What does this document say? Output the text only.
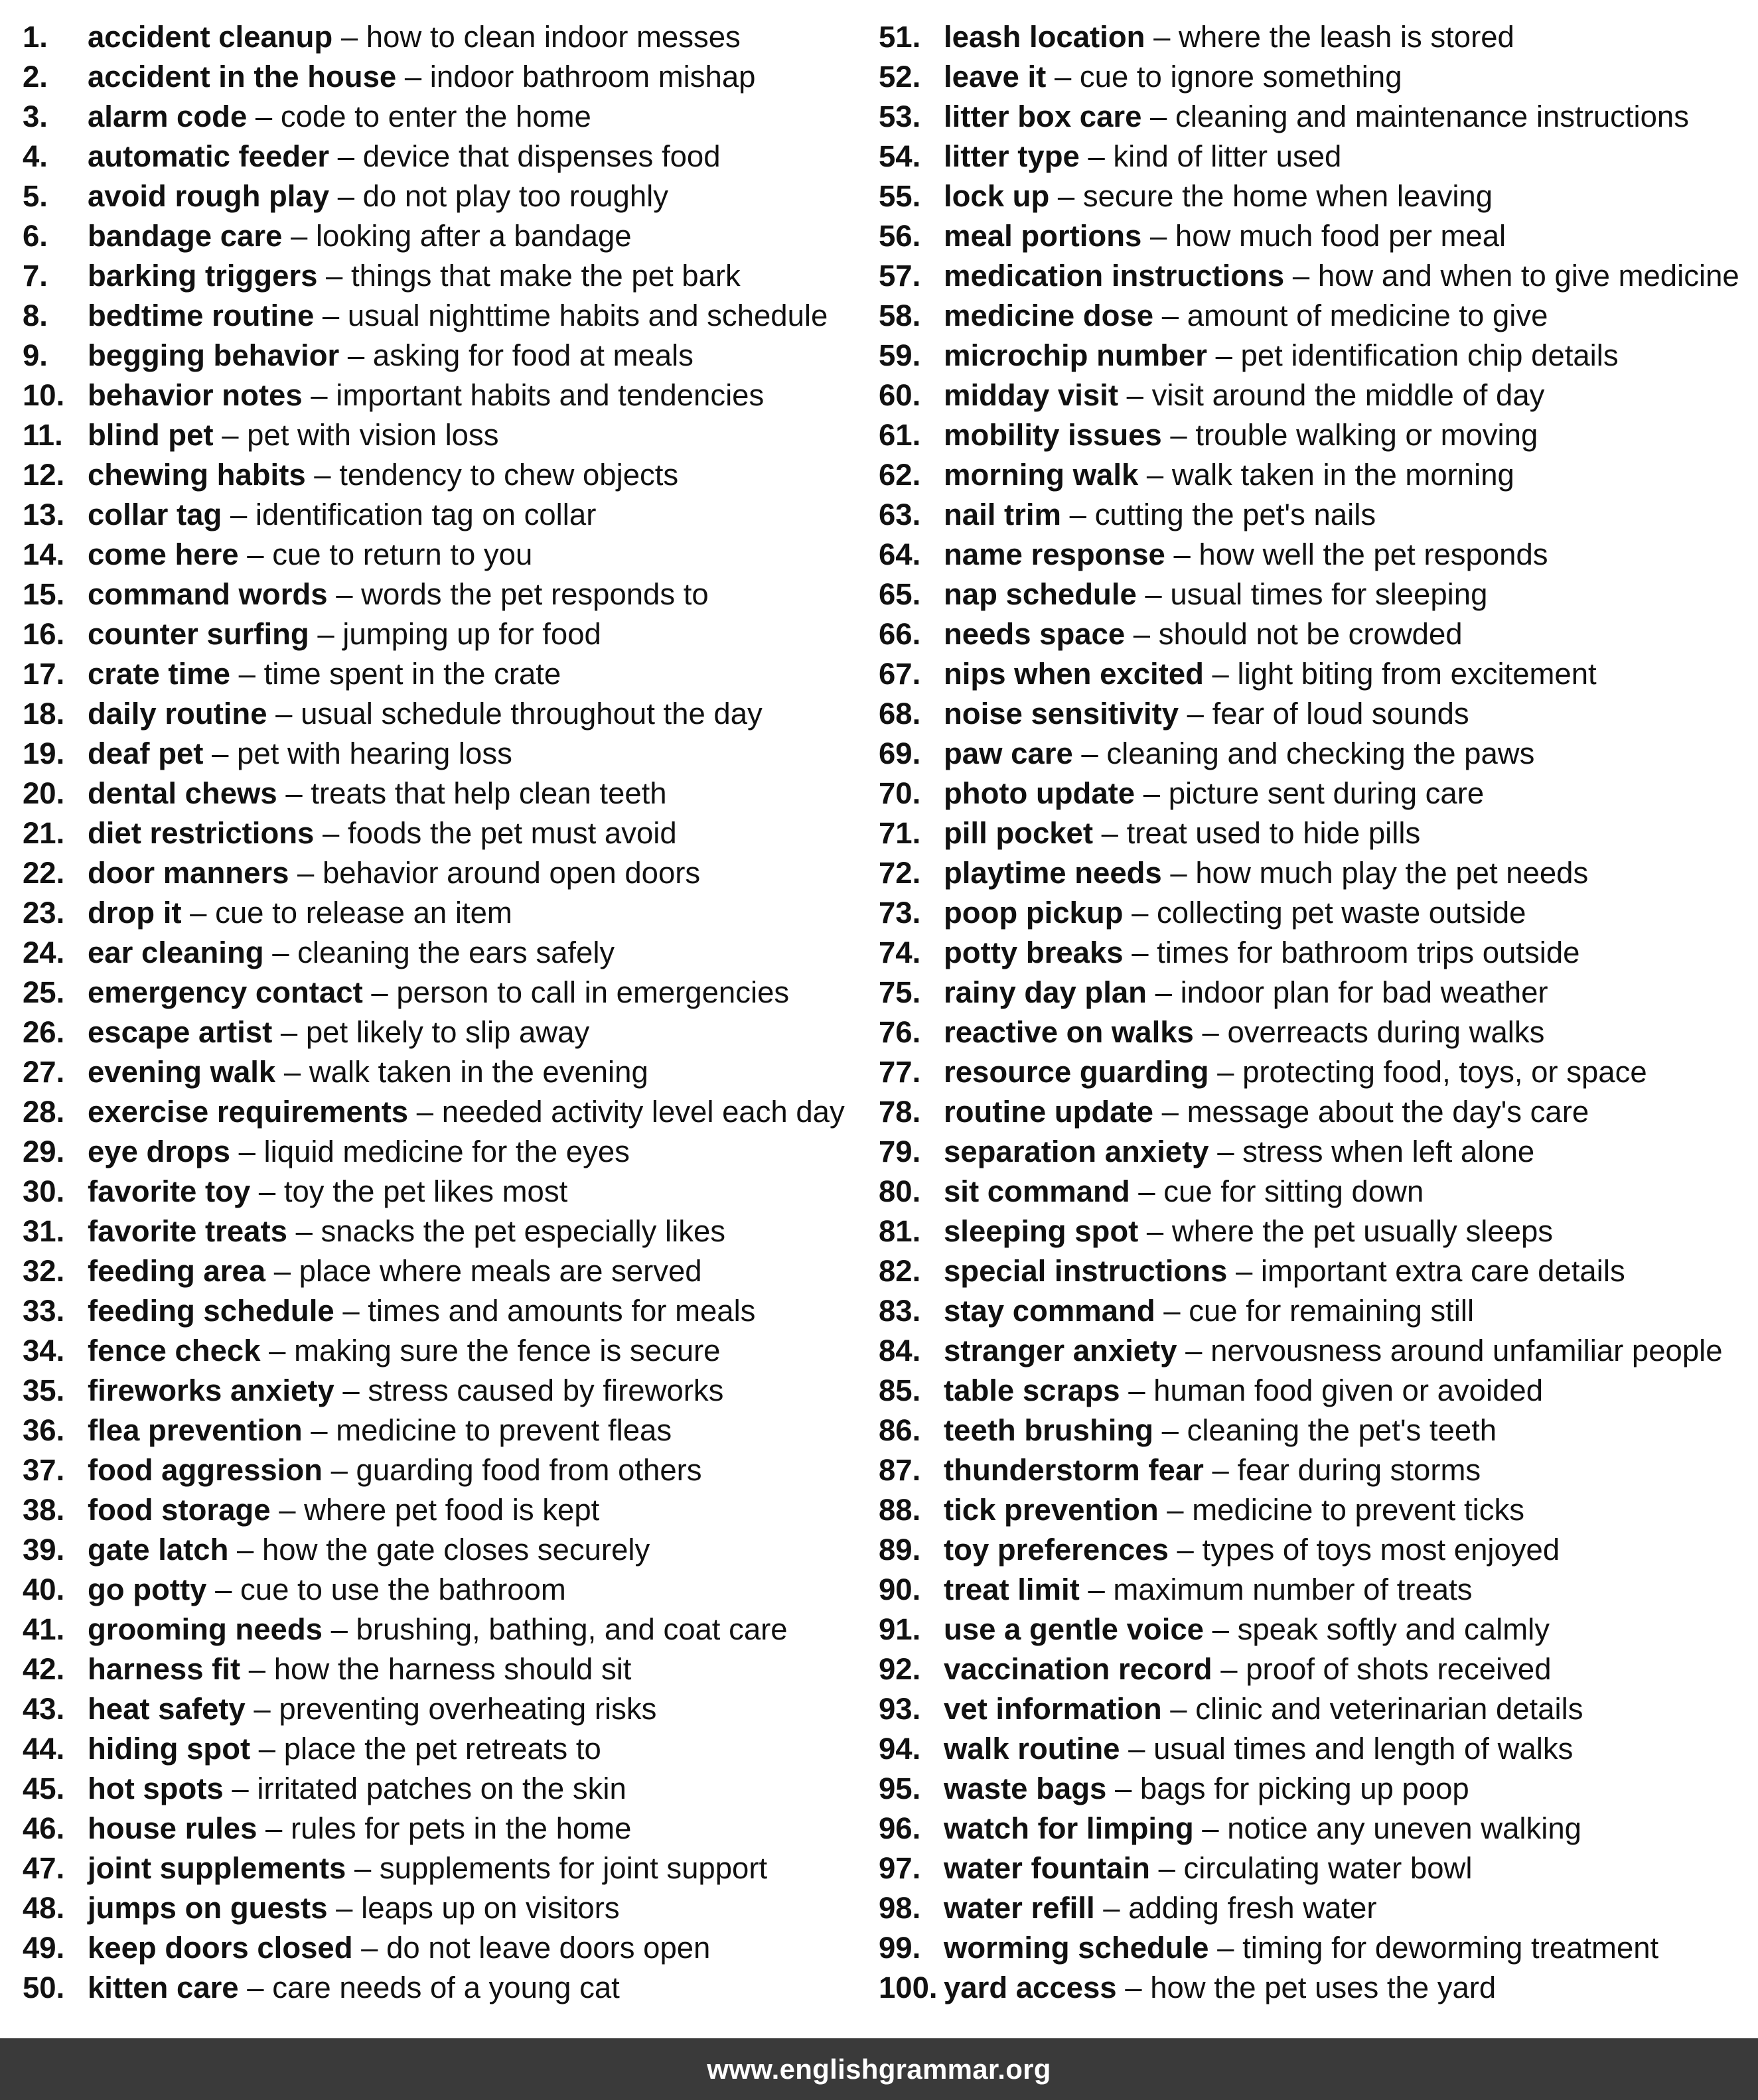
1. accident cleanup – how to clean indoor messes
2. accident in the house – indoor bathroom mishap
3. alarm code – code to enter the home
4. automatic feeder – device that dispenses food
5. avoid rough play – do not play too roughly
6. bandage care – looking after a bandage
7. barking triggers – things that make the pet bark
8. bedtime routine – usual nighttime habits and schedule
9. begging behavior – asking for food at meals
10. behavior notes – important habits and tendencies
11. blind pet – pet with vision loss
12. chewing habits – tendency to chew objects
13. collar tag – identification tag on collar
14. come here – cue to return to you
15. command words – words the pet responds to
16. counter surfing – jumping up for food
17. crate time – time spent in the crate
18. daily routine – usual schedule throughout the day
19. deaf pet – pet with hearing loss
20. dental chews – treats that help clean teeth
21. diet restrictions – foods the pet must avoid
22. door manners – behavior around open doors
23. drop it – cue to release an item
24. ear cleaning – cleaning the ears safely
25. emergency contact – person to call in emergencies
26. escape artist – pet likely to slip away
27. evening walk – walk taken in the evening
28. exercise requirements – needed activity level each day
29. eye drops – liquid medicine for the eyes
30. favorite toy – toy the pet likes most
31. favorite treats – snacks the pet especially likes
32. feeding area – place where meals are served
33. feeding schedule – times and amounts for meals
34. fence check – making sure the fence is secure
35. fireworks anxiety – stress caused by fireworks
36. flea prevention – medicine to prevent fleas
37. food aggression – guarding food from others
38. food storage – where pet food is kept
39. gate latch – how the gate closes securely
40. go potty – cue to use the bathroom
41. grooming needs – brushing, bathing, and coat care
42. harness fit – how the harness should sit
43. heat safety – preventing overheating risks
44. hiding spot – place the pet retreats to
45. hot spots – irritated patches on the skin
46. house rules – rules for pets in the home
47. joint supplements – supplements for joint support
48. jumps on guests – leaps up on visitors
49. keep doors closed – do not leave doors open
50. kitten care – care needs of a young cat
51. leash location – where the leash is stored
52. leave it – cue to ignore something
53. litter box care – cleaning and maintenance instructions
54. litter type – kind of litter used
55. lock up – secure the home when leaving
56. meal portions – how much food per meal
57. medication instructions – how and when to give medicine
58. medicine dose – amount of medicine to give
59. microchip number – pet identification chip details
60. midday visit – visit around the middle of day
61. mobility issues – trouble walking or moving
62. morning walk – walk taken in the morning
63. nail trim – cutting the pet's nails
64. name response – how well the pet responds
65. nap schedule – usual times for sleeping
66. needs space – should not be crowded
67. nips when excited – light biting from excitement
68. noise sensitivity – fear of loud sounds
69. paw care – cleaning and checking the paws
70. photo update – picture sent during care
71. pill pocket – treat used to hide pills
72. playtime needs – how much play the pet needs
73. poop pickup – collecting pet waste outside
74. potty breaks – times for bathroom trips outside
75. rainy day plan – indoor plan for bad weather
76. reactive on walks – overreacts during walks
77. resource guarding – protecting food, toys, or space
78. routine update – message about the day's care
79. separation anxiety – stress when left alone
80. sit command – cue for sitting down
81. sleeping spot – where the pet usually sleeps
82. special instructions – important extra care details
83. stay command – cue for remaining still
84. stranger anxiety – nervousness around unfamiliar people
85. table scraps – human food given or avoided
86. teeth brushing – cleaning the pet's teeth
87. thunderstorm fear – fear during storms
88. tick prevention – medicine to prevent ticks
89. toy preferences – types of toys most enjoyed
90. treat limit – maximum number of treats
91. use a gentle voice – speak softly and calmly
92. vaccination record – proof of shots received
93. vet information – clinic and veterinarian details
94. walk routine – usual times and length of walks
95. waste bags – bags for picking up poop
96. watch for limping – notice any uneven walking
97. water fountain – circulating water bowl
98. water refill – adding fresh water
99. worming schedule – timing for deworming treatment
100. yard access – how the pet uses the yard
www.englishgrammar.org
